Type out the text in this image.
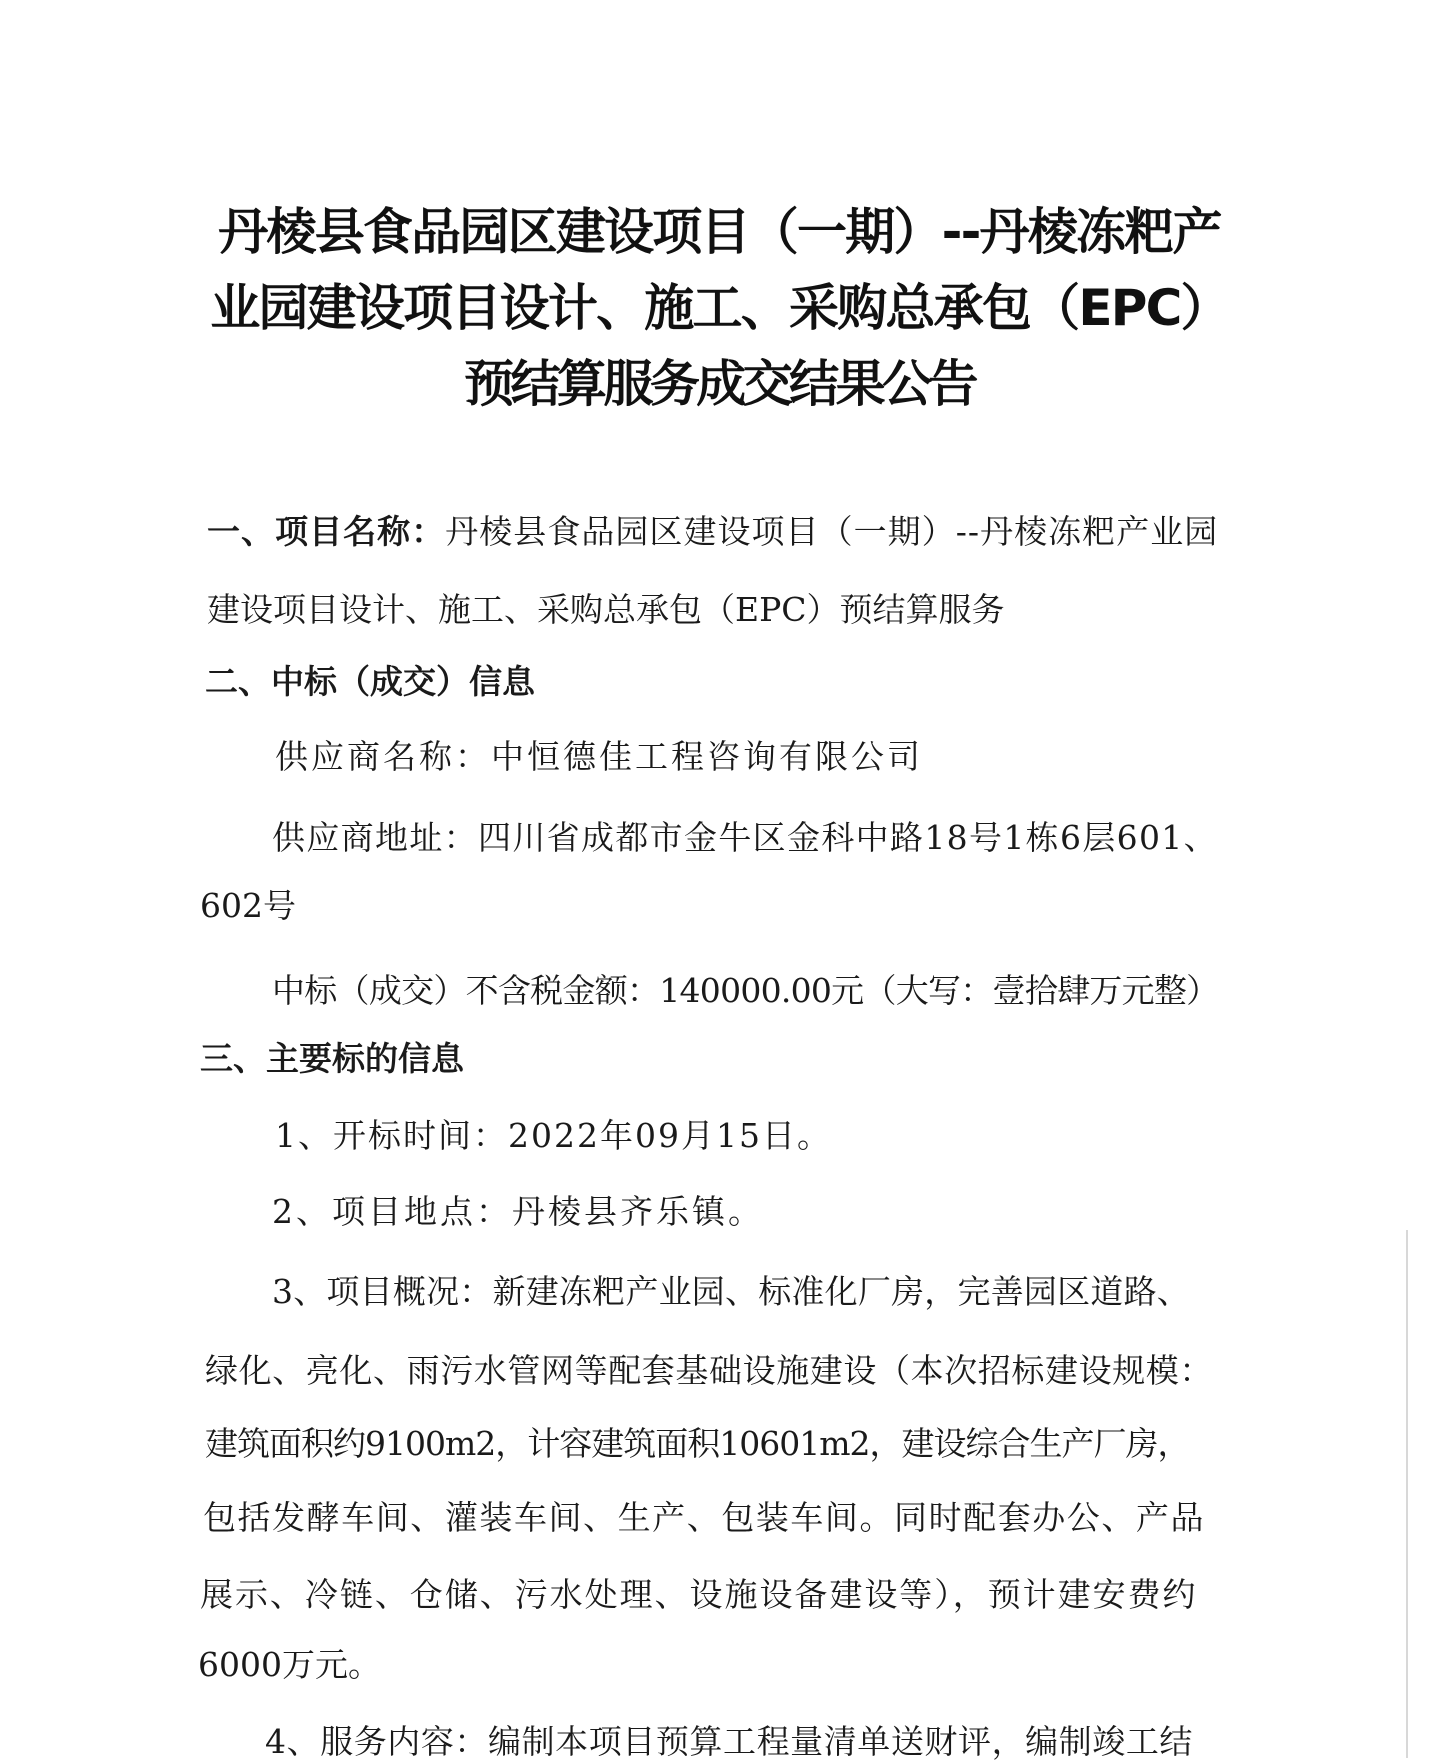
丹棱县食品园区建设项目（一期）--丹棱冻粑产
业园建设项目设计、施工、采购总承包（EPC）
预结算服务成交结果公告
一、项目名称：丹棱县食品园区建设项目（一期）--丹棱冻粑产业园
建设项目设计、施工、采购总承包（EPC）预结算服务
二、中标（成交）信息
供应商名称：中恒德佳工程咨询有限公司
供应商地址：四川省成都市金牛区金科中路18号1栋6层601、
602号
中标（成交）不含税金额：140000.00元（大写：壹拾肆万元整）
三、主要标的信息
1、开标时间：2022年09月15日。
2、项目地点：丹棱县齐乐镇。
3、项目概况：新建冻粑产业园、标准化厂房，完善园区道路、
绿化、亮化、雨污水管网等配套基础设施建设（本次招标建设规模：
建筑面积约9100m2，计容建筑面积10601m2，建设综合生产厂房，
包括发酵车间、灌装车间、生产、包装车间。同时配套办公、产品
展示、冷链、仓储、污水处理、设施设备建设等），预计建安费约
6000万元。
4、服务内容：编制本项目预算工程量清单送财评，编制竣工结
